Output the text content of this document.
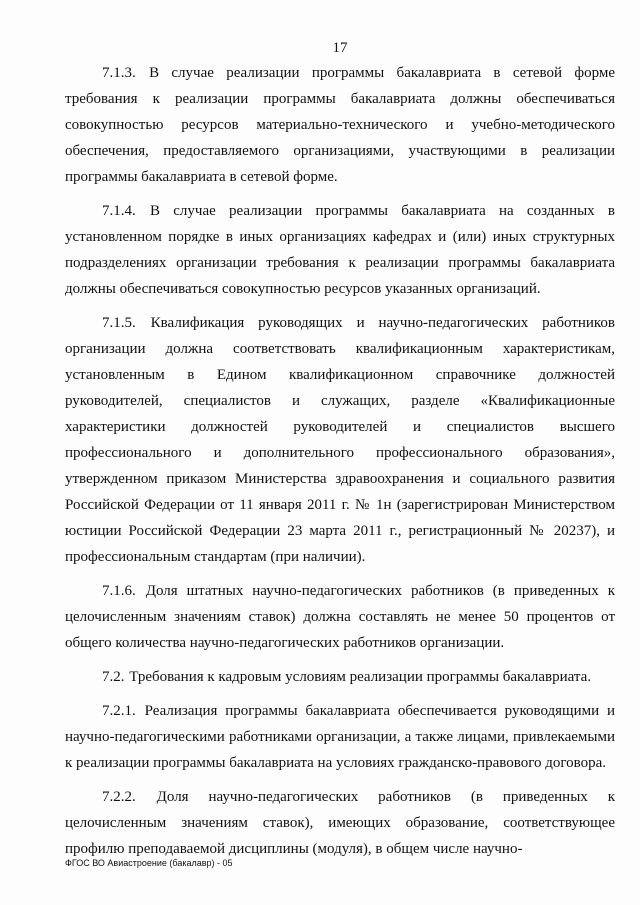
17

7.1.3. В случае реализации программы бакалавриата в сетевой форме требования к реализации программы бакалавриата должны обеспечиваться совокупностью ресурсов материально-технического и учебно-методического обеспечения, предоставляемого организациями, участвующими в реализации программы бакалавриата в сетевой форме.

7.1.4. В случае реализации программы бакалавриата на созданных в установленном порядке в иных организациях кафедрах и (или) иных структурных подразделениях организации требования к реализации программы бакалавриата должны обеспечиваться совокупностью ресурсов указанных организаций.

7.1.5. Квалификация руководящих и научно-педагогических работников организации должна соответствовать квалификационным характеристикам, установленным в Едином квалификационном справочнике должностей руководителей, специалистов и служащих, разделе «Квалификационные характеристики должностей руководителей и специалистов высшего профессионального и дополнительного профессионального образования», утвержденном приказом Министерства здравоохранения и социального развития Российской Федерации от 11 января 2011 г. № 1н (зарегистрирован Министерством юстиции Российской Федерации 23 марта 2011 г., регистрационный № 20237), и профессиональным стандартам (при наличии).

7.1.6. Доля штатных научно-педагогических работников (в приведенных к целочисленным значениям ставок) должна составлять не менее 50 процентов от общего количества научно-педагогических работников организации.

7.2. Требования к кадровым условиям реализации программы бакалавриата.

7.2.1. Реализация программы бакалавриата обеспечивается руководящими и научно-педагогическими работниками организации, а также лицами, привлекаемыми к реализации программы бакалавриата на условиях гражданско-правового договора.

7.2.2. Доля научно-педагогических работников (в приведенных к целочисленным значениям ставок), имеющих образование, соответствующее профилю преподаваемой дисциплины (модуля), в общем числе научно-

ФГОС ВО Авиастроение (бакалавр) - 05
